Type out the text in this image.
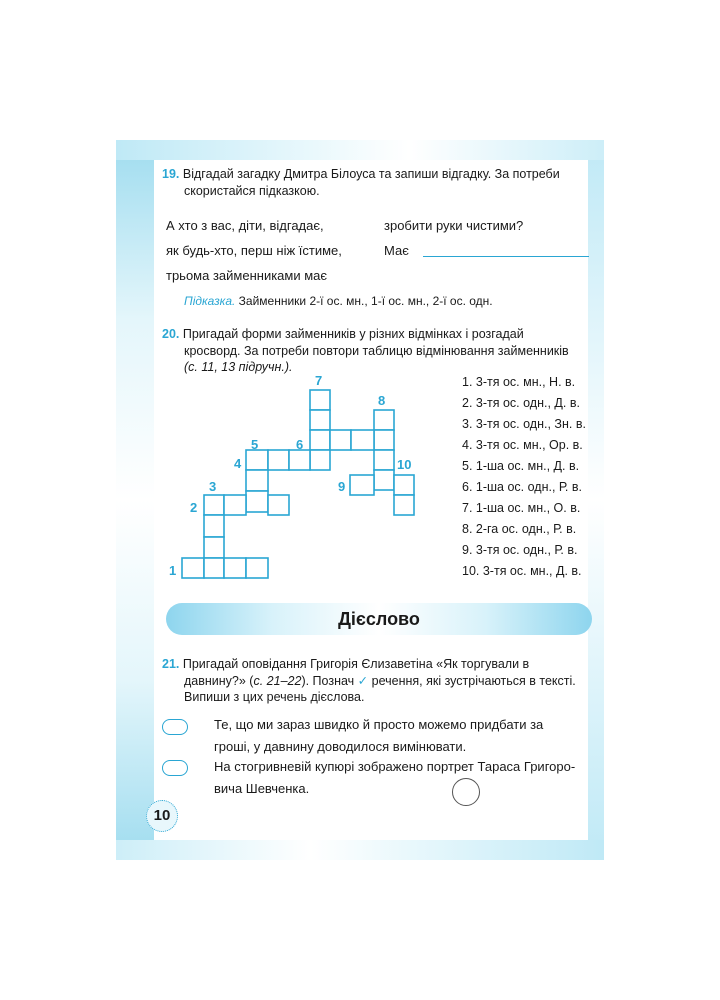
19. Відгадай загадку Дмитра Білоуса та запиши відгадку. За потреби
скористайся підказкою.
А хто з вас, діти, відгадає,
як будь-хто, перш ніж їстиме,
трьома займенниками має
зробити руки чистими?
Має
Підказка. Займенники 2-ї ос. мн., 1-ї ос. мн., 2-ї ос. одн.
20. Пригадай форми займенників у різних відмінках і розгадай
кросворд. За потреби повтори таблицю відмінювання займенників
(с. 11, 13 підручн.).
7
8
5	6
4	10
3	9
2
1
1. 3-тя ос. мн., Н. в.
2. 3-тя ос. одн., Д. в.
3. 3-тя ос. одн., Зн. в.
4. 3-тя ос. мн., Ор. в.
5. 1-ша ос. мн., Д. в.
6. 1-ша ос. одн., Р. в.
7. 1-ша ос. мн., О. в.
8. 2-га ос. одн., Р. в.
9. 3-тя ос. одн., Р. в.
10. 3-тя ос. мн., Д. в.
Дієслово
21. Пригадай оповідання Григорія Єлизаветіна «Як торгували в
давнину?» (с. 21–22). Познач ✓ речення, які зустрічаються в тексті.
Випиши з цих речень дієслова.
Те, що ми зараз швидко й просто можемо придбати за
гроші, у давнину доводилося вимінювати.
На стогривневій купюрі зображено портрет Тараса Григоро-
вича Шевченка.
10
